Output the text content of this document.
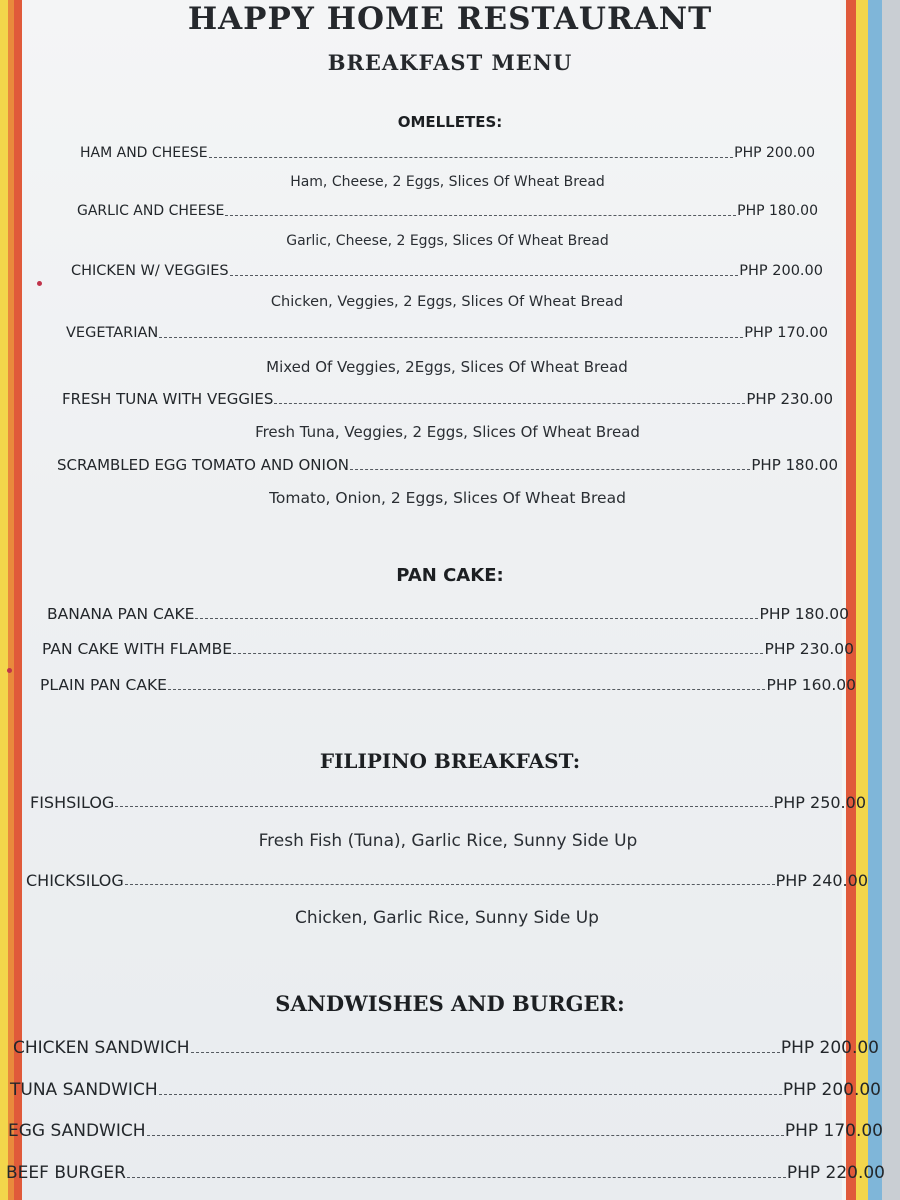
HAPPY HOME RESTAURANT
BREAKFAST MENU
OMELLETES:
HAM AND CHEESE	PHP 200.00
Ham, Cheese, 2 Eggs, Slices Of Wheat Bread
GARLIC AND CHEESE	PHP 180.00
Garlic, Cheese, 2 Eggs, Slices Of Wheat Bread
CHICKEN W/ VEGGIES	PHP 200.00
Chicken, Veggies, 2 Eggs, Slices Of Wheat Bread
VEGETARIAN	PHP 170.00
Mixed Of Veggies, 2Eggs, Slices Of Wheat Bread
FRESH TUNA WITH VEGGIES	PHP 230.00
Fresh Tuna, Veggies, 2 Eggs, Slices Of Wheat Bread
SCRAMBLED EGG TOMATO AND ONION	PHP 180.00
Tomato, Onion, 2 Eggs, Slices Of Wheat Bread
PAN CAKE:
BANANA PAN CAKE	PHP 180.00
PAN CAKE WITH FLAMBE	PHP 230.00
PLAIN PAN CAKE	PHP 160.00
FILIPINO BREAKFAST:
FISHSILOG	PHP 250.00
Fresh Fish (Tuna), Garlic Rice, Sunny Side Up
CHICKSILOG	PHP 240.00
Chicken, Garlic Rice, Sunny Side Up
SANDWISHES AND BURGER:
CHICKEN SANDWICH	PHP 200.00
TUNA SANDWICH	PHP 200.00
EGG SANDWICH	PHP 170.00
BEEF BURGER	PHP 220.00
